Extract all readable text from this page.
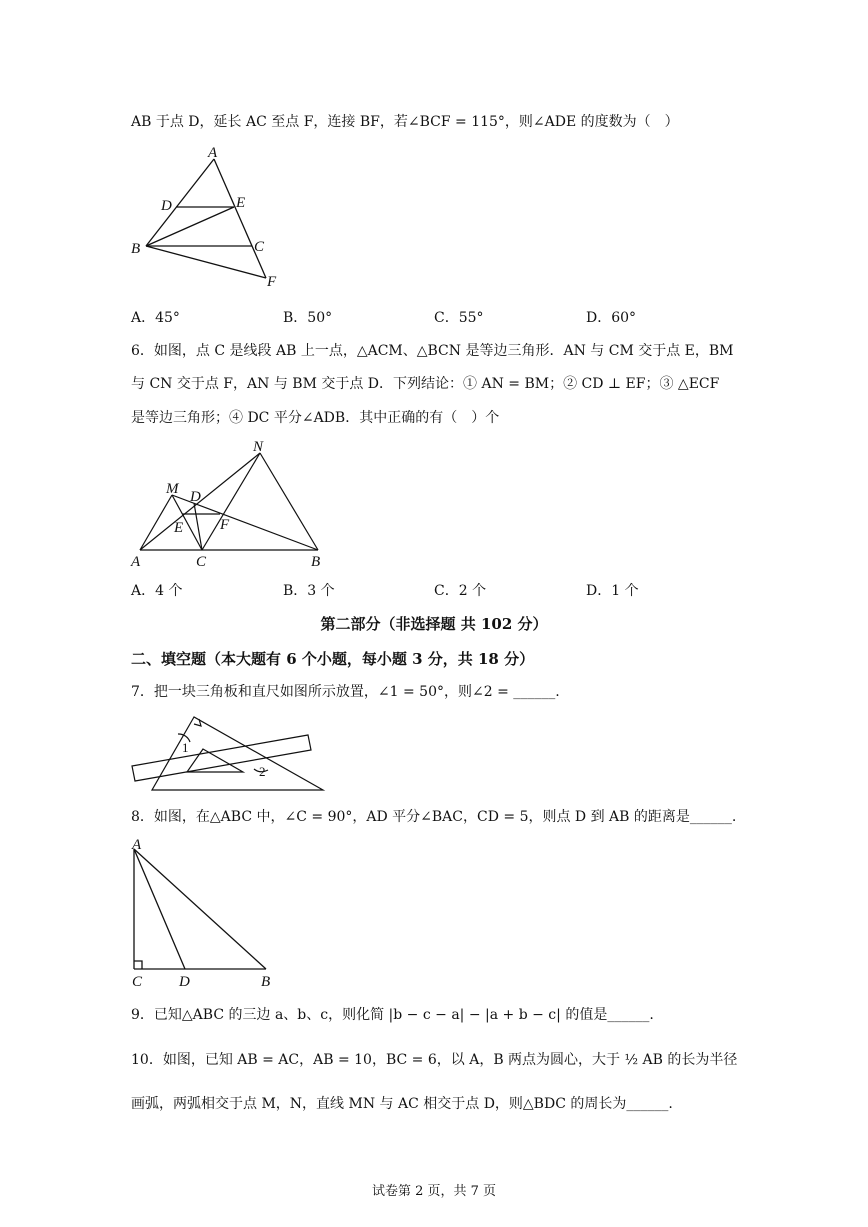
AB 于点 D，延长 AC 至点 F，连接 BF，若∠BCF = 115°，则∠ADE 的度数为（　）
A
D	E
B	C
F
A．45°	B．50°	C．55°	D．60°
6．如图，点 C 是线段 AB 上一点，△ACM、△BCN 是等边三角形．AN 与 CM 交于点 E，BM
与 CN 交于点 F，AN 与 BM 交于点 D．下列结论：① AN = BM；② CD ⊥ EF；③ △ECF
是等边三角形；④ DC 平分∠ADB．其中正确的有（　）个
N
M D
E F
A	C	B
A．4 个	B．3 个	C．2 个	D．1 个
第二部分（非选择题 共 102 分）
二、填空题（本大题有 6 个小题，每小题 3 分，共 18 分）
7．把一块三角板和直尺如图所示放置，∠1 = 50°，则∠2 = ______.
1
2
8．如图，在△ABC 中，∠C = 90°，AD 平分∠BAC，CD = 5，则点 D 到 AB 的距离是______.
A
C D	B
9．已知△ABC 的三边 a、b、c，则化简 |b − c − a| − |a + b − c| 的值是______.
10．如图，已知 AB = AC，AB = 10，BC = 6，以 A，B 两点为圆心，大于 ½ AB 的长为半径
画弧，两弧相交于点 M，N，直线 MN 与 AC 相交于点 D，则△BDC 的周长为______.
试卷第 2 页，共 7 页
